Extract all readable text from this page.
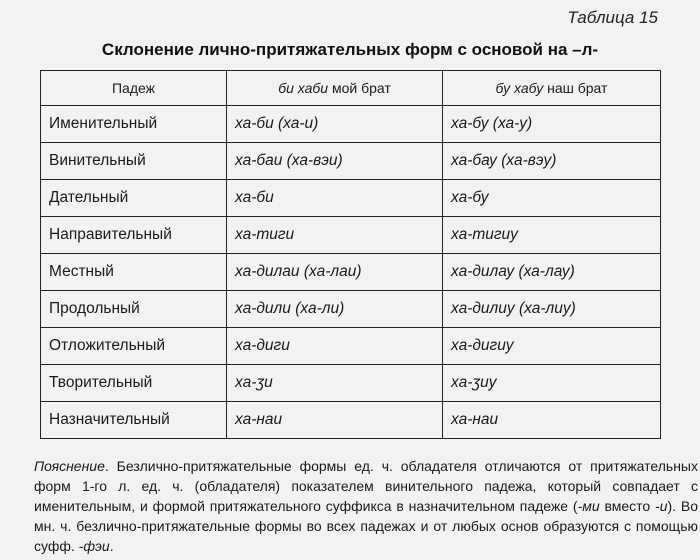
Таблица 15
Склонение лично-притяжательных форм с основой на –л-
Падеж	би хаби мой брат	бу хабу наш брат
Именительный	ха-би (ха-и)	ха-бу (ха-у)
Винительный	ха-баи (ха-вэи)	ха-бау (ха-вэу)
Дательный	ха-би	ха-бу
Направительный	ха-тиги	ха-тигиу
Местный	ха-дилаи (ха-лаи)	ха-дилау (ха-лау)
Продольный	ха-дили (ха-ли)	ха-дилиу (ха-лиу)
Отложительный	ха-диги	ха-дигиу
Творительный	ха-ӡи	ха-ӡиу
Назначительный	ха-наи	ха-наи
Пояснение. Безлично-притяжательные формы ед. ч. обладателя отличаются от притяжательных форм 1-го л. ед. ч. (обладателя) показателем винительного падежа, который совпадает с именительным, и формой притяжательного суффикса в назначительном падеже (-ми вместо -и). Во мн. ч. безлично-притяжательные формы во всех падежах и от любых основ образуются с помощью суфф. -фэи.
